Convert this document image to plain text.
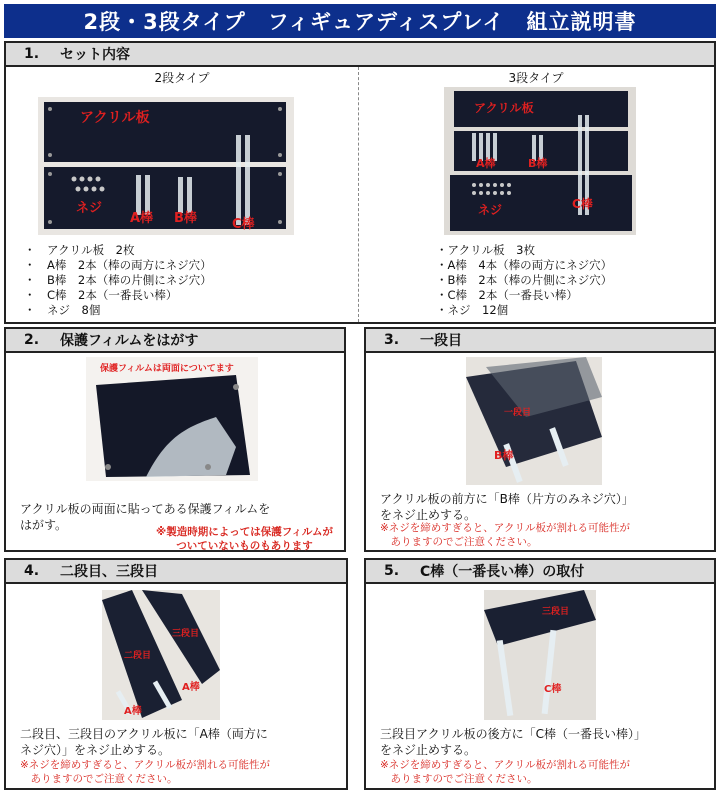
2段・3段タイプ　フィギュアディスプレイ　組立説明書
1.	セット内容
2段タイプ	3段タイプ
アクリル板
ネジ
A棒 B棒	C棒
アクリル板
A棒	B棒
ネジ	C棒
・　アクリル板　2枚
・　A棒　2本（棒の両方にネジ穴）
・　B棒　2本（棒の片側にネジ穴）
・　C棒　2本（一番長い棒）
・　ネジ　8個
・アクリル板　3枚
・A棒　4本（棒の両方にネジ穴）
・B棒　2本（棒の片側にネジ穴）
・C棒　2本（一番長い棒）
・ネジ　12個
2.	保護フィルムをはがす
保護フィルムは両面についてます
アクリル板の両面に貼ってある保護フィルムを
はがす。	※製造時期によっては保護フィルムが
ついていないものもあります
3.	一段目
一段目
B棒
アクリル板の前方に「B棒（片方のみネジ穴）」
をネジ止めする。
※ネジを締めすぎると、アクリル板が割れる可能性が
　ありますのでご注意ください。
4.	二段目、三段目
三段目
二段目
A棒
A棒
二段目、三段目のアクリル板に「A棒（両方に
ネジ穴）」をネジ止めする。
※ネジを締めすぎると、アクリル板が割れる可能性が
　ありますのでご注意ください。
5.	C棒（一番長い棒）の取付
三段目
C棒
三段目アクリル板の後方に「C棒（一番長い棒）」
をネジ止めする。
※ネジを締めすぎると、アクリル板が割れる可能性が
　ありますのでご注意ください。
